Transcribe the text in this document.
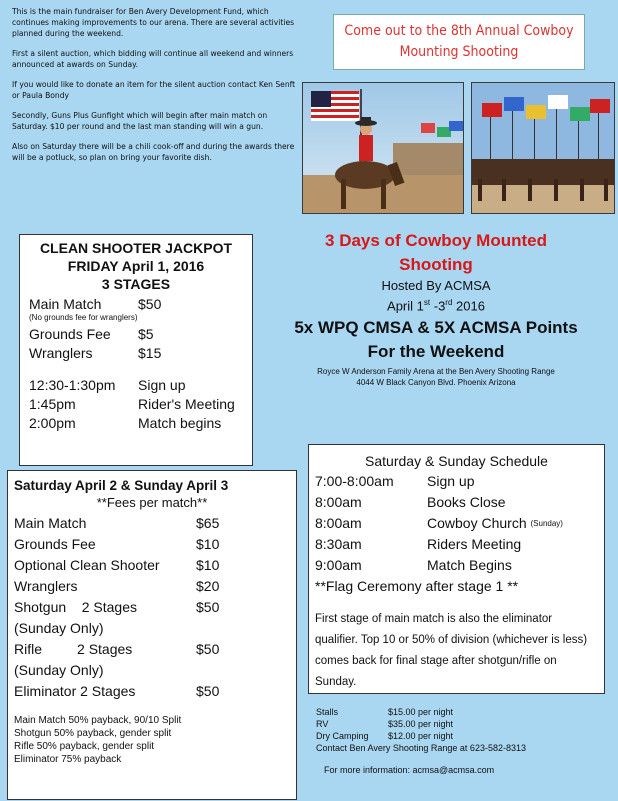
This is the main fundraiser for Ben Avery Development Fund, which continues making improvements to our arena. There are several activities planned during the weekend.

First a silent auction, which bidding will continue all weekend and winners announced at awards on Sunday.

If you would like to donate an item for the silent auction contact Ken Senft or Paula Bondy

Secondly, Guns Plus Gunfight which will begin after main match on Saturday. $10 per round and the last man standing will win a gun.

Also on Saturday there will be a chili cook-off and during the awards there will be a potluck, so plan on bring your favorite dish.

Come out to the 8th Annual Cowboy
Mounting Shooting
CLEAN SHOOTER JACKPOT
FRIDAY April 1, 2016
3 STAGES
Main Match	$50
(No grounds fee for wranglers)
Grounds Fee	$5
Wranglers	$15
12:30-1:30pm	Sign up
1:45pm	Rider's Meeting
2:00pm	Match begins
3 Days of Cowboy Mounted
Shooting
Hosted By ACMSA
April 1st -3rd 2016
5x WPQ CMSA & 5X ACMSA Points
For the Weekend
Royce W Anderson Family Arena at the Ben Avery Shooting Range
4044 W Black Canyon Blvd. Phoenix Arizona
Saturday April 2 & Sunday April 3
**Fees per match**
Main Match	$65
Grounds Fee	$10
Optional Clean Shooter	$10
Wranglers	$20
Shotgun    2 Stages	$50
(Sunday Only)
Rifle         2 Stages	$50
(Sunday Only)
Eliminator 2 Stages	$50
Main Match 50% payback, 90/10 Split
Shotgun 50% payback, gender split
Rifle 50% payback, gender split
Eliminator 75% payback
Saturday & Sunday Schedule
7:00-8:00am	Sign up
8:00am	Books Close
8:00am	Cowboy Church
(Sunday)
8:30am	Riders Meeting
9:00am	Match Begins
**Flag Ceremony after stage 1 **
First stage of main match is also the eliminator qualifier. Top 10 or 50% of division (whichever is less) comes back for final stage after shotgun/rifle on Sunday.
Stalls	$15.00 per night
RV	$35.00 per night
Dry Camping	$12.00 per night
Contact Ben Avery Shooting Range at 623-582-8313
For more information: acmsa@acmsa.com
